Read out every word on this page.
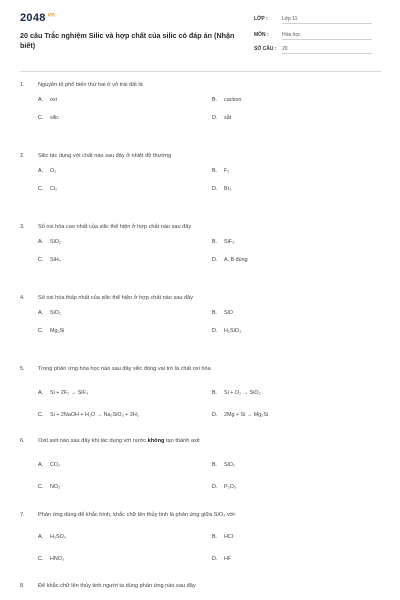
$2048^{.vn}$
20 câu Trắc nghiệm Silic và hợp chất của silic có đáp án (Nhận biết)
LỚP :	Lớp 11
MÔN :	Hóa học
SỐ CÂU :	20
1. Nguyên tố phổ biến thứ hai ở vỏ trái đất là
A. oxi	B. cacbon
C. silic	D. sắt
2. Silic tác dụng với chất nào sau đây ở nhiệt độ thường
A. O₂	B. F₂
C. Cl₂	D. Br₂
3. Số oxi hóa cao nhất của silic thể hiện ở hợp chất nào sau đây
A. SiO₂	B. SiF₄
C. SiH₄	D. A, B đúng
4. Số oxi hóa thấp nhất của silic thể hiện ở hợp chất nào sau đây
A. SiO₂	B. SiO
C. Mg₂Si	D. H₂SiO₃
5. Trong phản ứng hóa học nào sau đây silic đóng vai trò là chất oxi hóa
A. Si + 2F₂ → SiF₄	B. Si + O₂ → SiO₂
C. Si + 2NaOH + H₂O → Na₂SiO₃ + 2H₂	D. 2Mg + Si → Mg₂Si
6. Oxit axit nào sau đây khi tác dụng với nước không tạo thành axit
A. CO₂	B. SiO₂
C. NO₂	D. P₂O₅
7. Phản ứng dùng để khắc hình, khắc chữ lên thủy tinh là phản ứng giữa SiO₂ với:
A. H₂SO₄	B. HCl
C. HNO₃	D. HF
8. Để khắc chữ lên thủy tinh người ta dùng phản ứng nào sau đây
